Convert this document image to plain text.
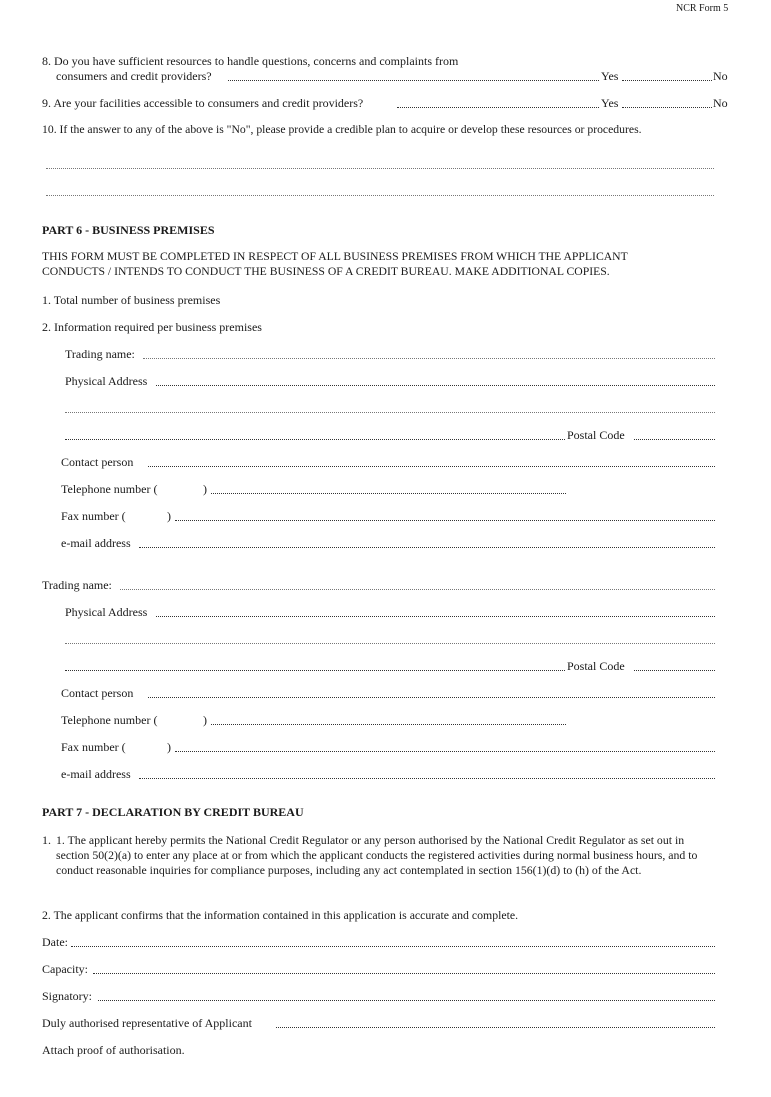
NCR Form 5
8. Do you have sufficient resources to handle questions, concerns and complaints from
consumers and credit providers?	Yes	No
9. Are your facilities accessible to consumers and credit providers?	Yes	No
10. If the answer to any of the above is "No", please provide a credible plan to acquire or develop these resources or procedures.
PART 6 - BUSINESS PREMISES
THIS FORM MUST BE COMPLETED IN RESPECT OF ALL BUSINESS PREMISES FROM WHICH THE APPLICANT
CONDUCTS / INTENDS TO CONDUCT THE BUSINESS OF A CREDIT BUREAU. MAKE ADDITIONAL COPIES.
1. Total number of business premises
2. Information required per business premises
Trading name:
Physical Address
Postal Code
Contact person
Telephone number (	)
Fax number (	)
e-mail address
Trading name:
Physical Address
Postal Code
Contact person
Telephone number (	)
Fax number (	)
e-mail address
PART 7 - DECLARATION BY CREDIT BUREAU
1. 1. The applicant hereby permits the National Credit Regulator or any person authorised by the National Credit Regulator as set out in section 50(2)(a) to enter any place at or from which the applicant conducts the registered activities during normal business hours, and to conduct reasonable inquiries for compliance purposes, including any act contemplated in section 156(1)(d) to (h) of the Act.
2. The applicant confirms that the information contained in this application is accurate and complete.
Date:
Capacity:
Signatory:
Duly authorised representative of Applicant
Attach proof of authorisation.
